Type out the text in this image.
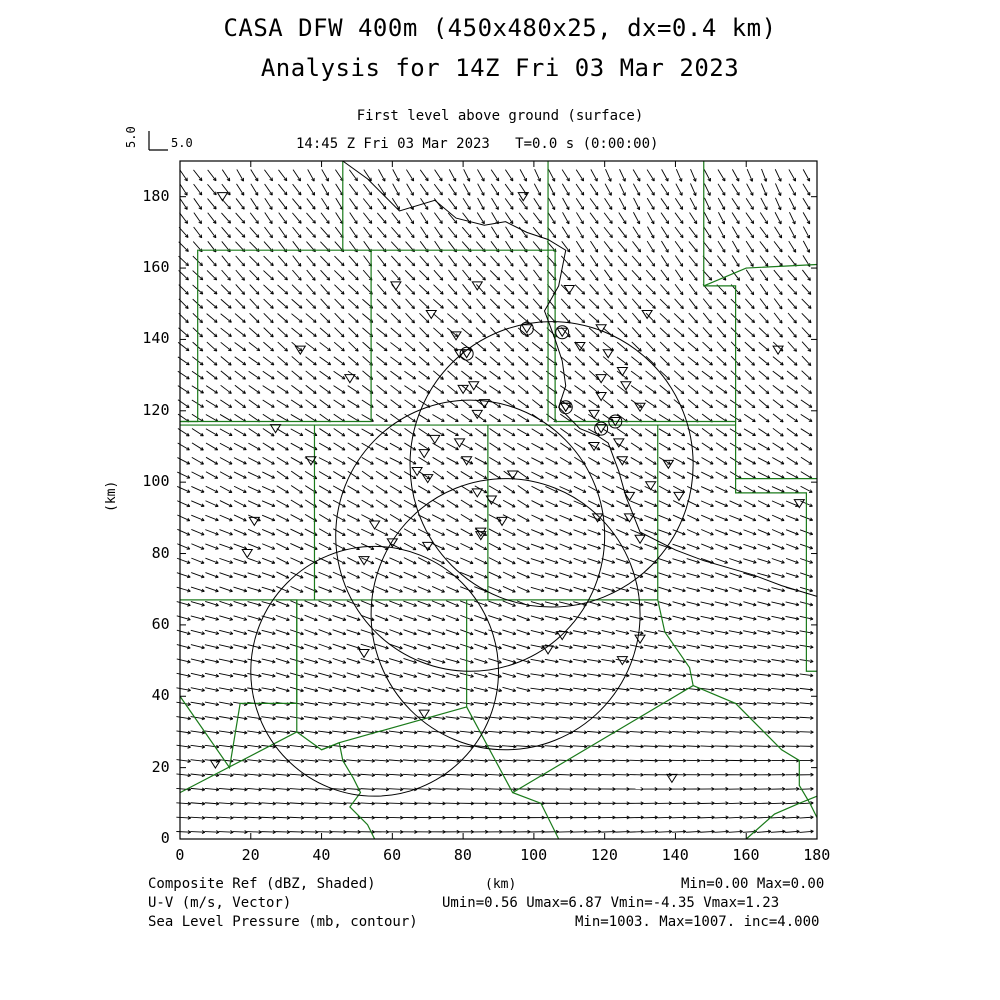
CASA DFW 400m (450x480x25, dx=0.4 km)
Analysis for 14Z Fri 03 Mar 2023
First level above ground (surface)
14:45 Z Fri 03 Mar 2023   T=0.0 s (0:00:00)
5.0	5.0
(km)
(km)
0	20	40	60	80	100	120	140	160	180
0
20
40
60
80
100
120
140
160
180
Composite Ref (dBZ, Shaded)	Min=0.00 Max=0.00
U-V (m/s, Vector)	Umin=0.56 Umax=6.87 Vmin=-4.35 Vmax=1.23
Sea Level Pressure (mb, contour)	Min=1003. Max=1007. inc=4.000
